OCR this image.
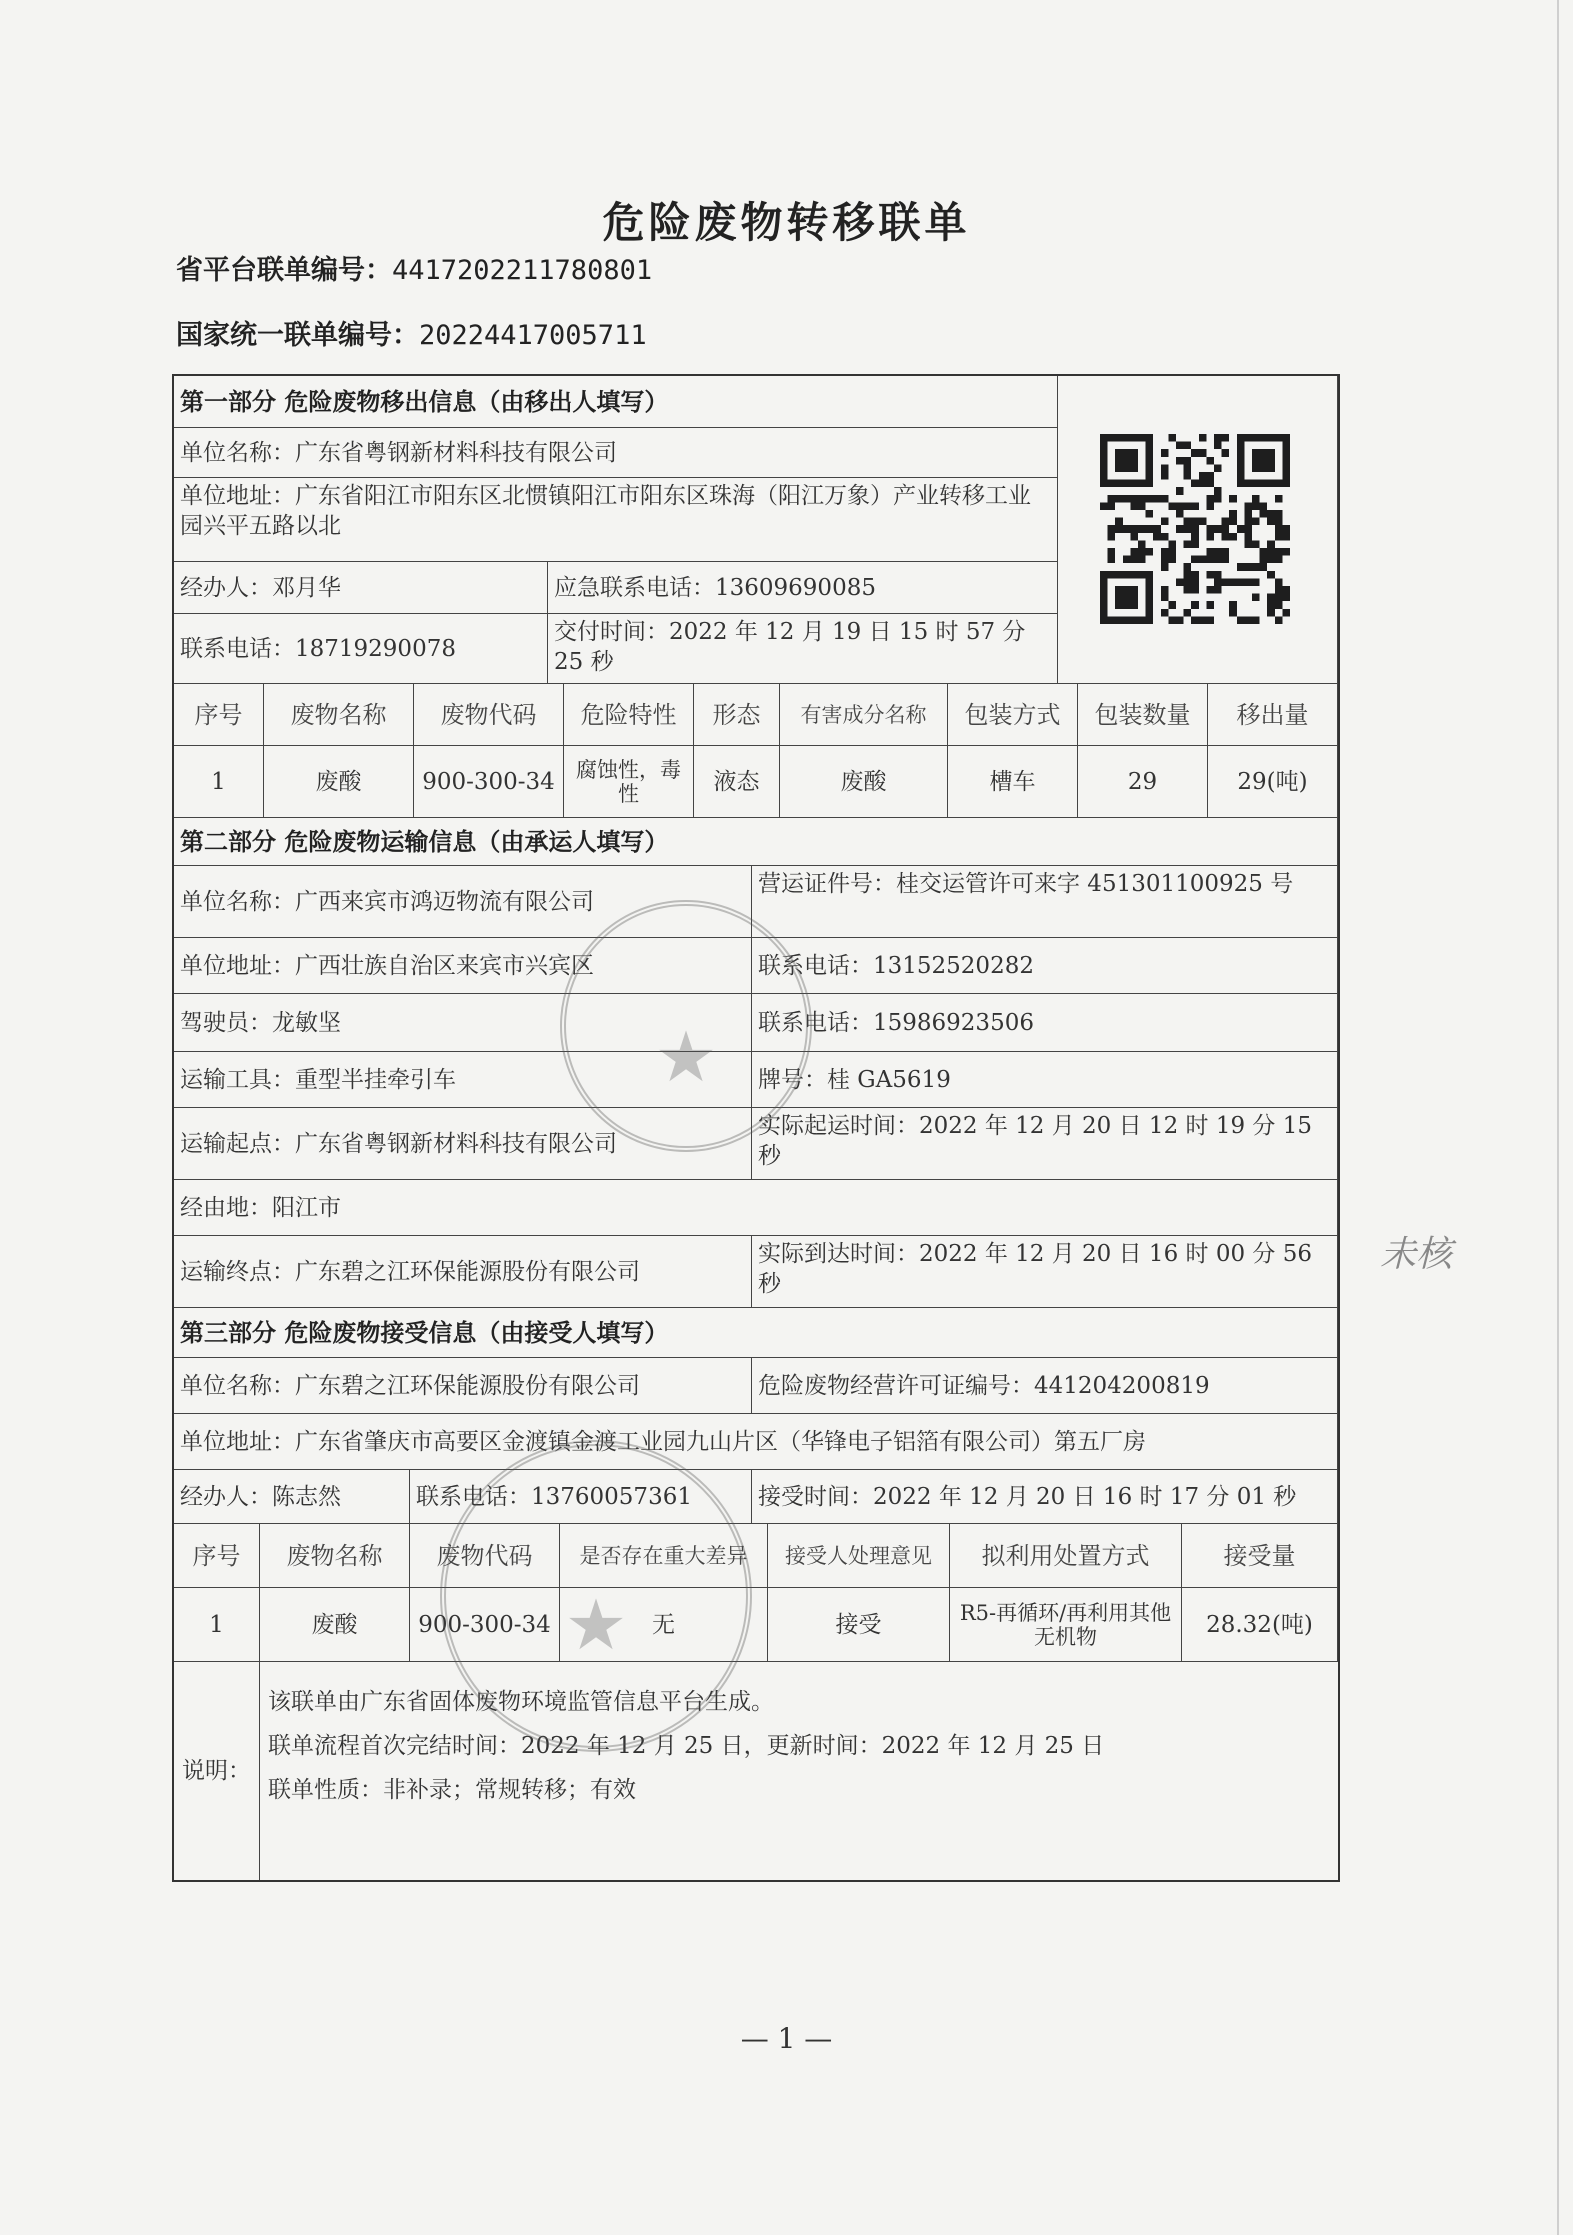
危险废物转移联单
省平台联单编号：4417202211780801
国家统一联单编号：20224417005711
第一部分 危险废物移出信息（由移出人填写）
单位名称：广东省粤钢新材料科技有限公司
单位地址：广东省阳江市阳东区北惯镇阳江市阳东区珠海（阳江万象）产业转移工业园兴平五路以北
经办人：邓月华	应急联系电话：13609690085
联系电话：18719290078
交付时间：2022 年 12 月 19 日 15 时 57 分 25 秒
序号	废物名称	废物代码	危险特性	形态	有害成分名称	包装方式	包装数量	移出量
1	废酸	900-300-34	腐蚀性，毒性	液态	废酸	槽车	29	29(吨)
第二部分 危险废物运输信息（由承运人填写）
单位名称：广西来宾市鸿迈物流有限公司
营运证件号：桂交运管许可来字 451301100925 号
单位地址：广西壮族自治区来宾市兴宾区	联系电话：13152520282
驾驶员：龙敏坚	联系电话：15986923506
运输工具：重型半挂牵引车	牌号：桂 GA5619
运输起点：广东省粤钢新材料科技有限公司
实际起运时间：2022 年 12 月 20 日 12 时 19 分 15 秒
经由地：阳江市
运输终点：广东碧之江环保能源股份有限公司
实际到达时间：2022 年 12 月 20 日 16 时 00 分 56 秒
第三部分 危险废物接受信息（由接受人填写）
单位名称：广东碧之江环保能源股份有限公司	危险废物经营许可证编号：441204200819
单位地址：广东省肇庆市高要区金渡镇金渡工业园九山片区（华锋电子铝箔有限公司）第五厂房
经办人：陈志然	联系电话：13760057361	接受时间：2022 年 12 月 20 日 16 时 17 分 01 秒
序号	废物名称	废物代码	是否存在重大差异	接受人处理意见	拟利用处置方式	接受量
1	废酸	900-300-34	无	接受	R5-再循环/再利用其他无机物	28.32(吨)
说明：
该联单由广东省固体废物环境监管信息平台生成。
联单流程首次完结时间：2022 年 12 月 25 日，更新时间：2022 年 12 月 25 日
联单性质：非补录；常规转移；有效
★
★
未核
— 1 —
